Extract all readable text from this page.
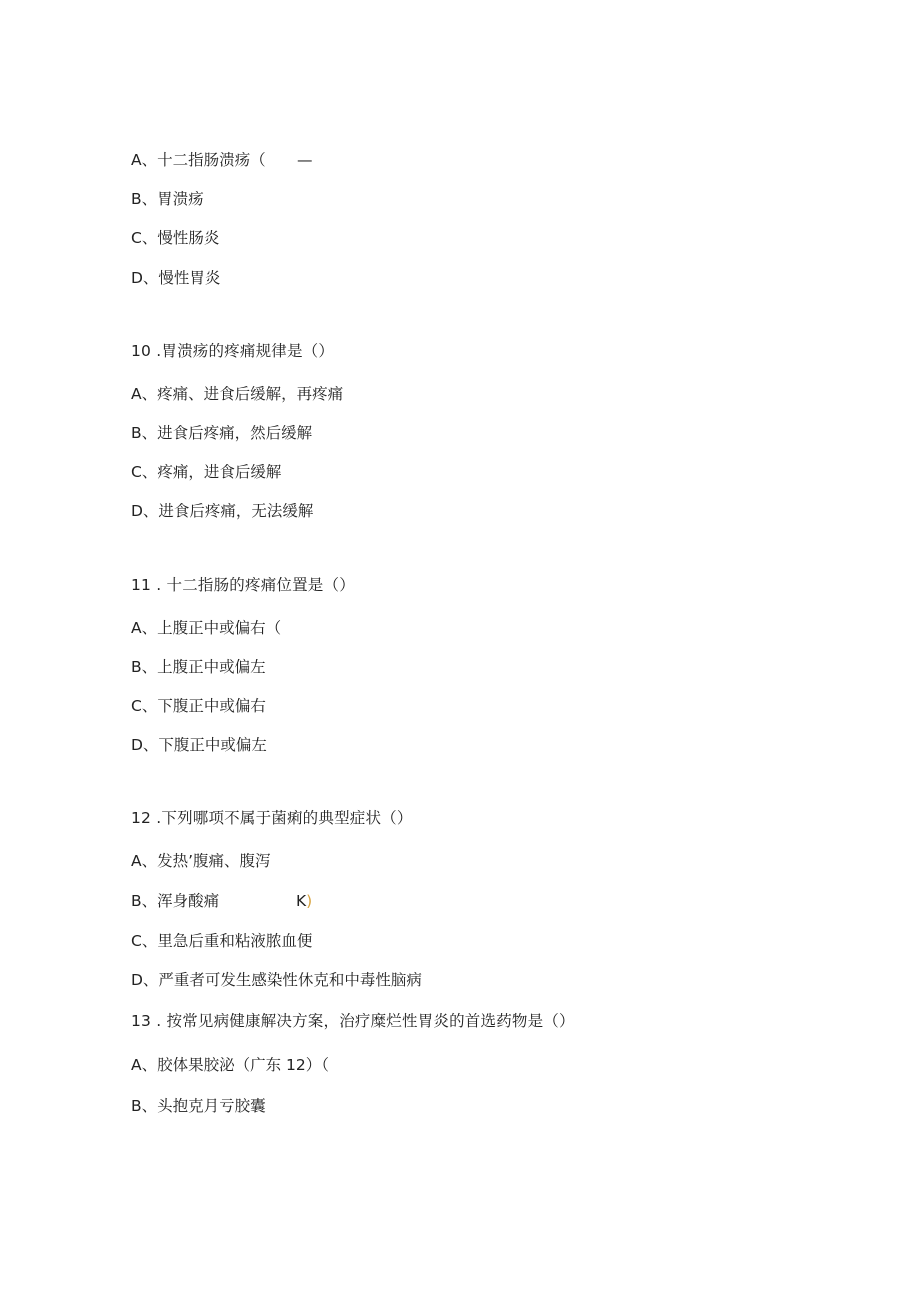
A、十二指肠溃疡（ —
B、胃溃疡
C、慢性肠炎
D、慢性胃炎
10 .胃溃疡的疼痛规律是（）
A、疼痛、进食后缓解，再疼痛
B、进食后疼痛，然后缓解
C、疼痛，进食后缓解
D、进食后疼痛，无法缓解
11 . 十二指肠的疼痛位置是（）
A、上腹正中或偏右（
B、上腹正中或偏左
C、下腹正中或偏右
D、下腹正中或偏左
12 .下列哪项不属于菌痢的典型症状（）
A、发热’腹痛、腹泻
B、浑身酸痛	K)
C、里急后重和粘液脓血便
D、严重者可发生感染性休克和中毒性脑病
13 . 按常见病健康解决方案，治疗糜烂性胃炎的首选药物是（）
A、胶体果胶泌（广东 12）（
B、头抱克月亏胶囊
